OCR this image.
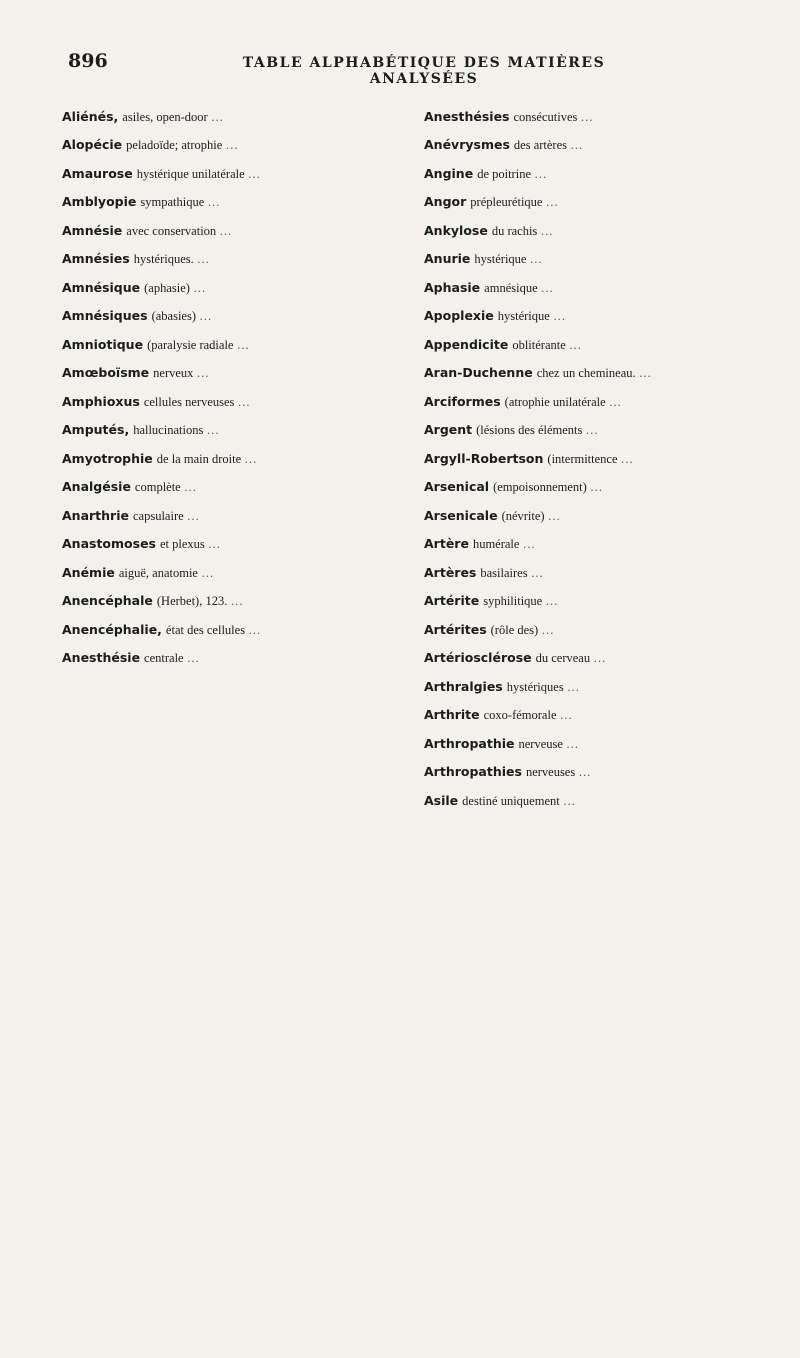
896	TABLE ALPHABÉTIQUE DES MATIÈRES ANALYSÉES

Aliénés, asiles, open-door …

Alopécie peladoïde; atrophie …

Amaurose hystérique unilatérale …

Amblyopie sympathique …

Amnésie avec conservation …

Amnésies hystériques. …

Amnésique (aphasie) …

Amnésiques (abasies) …

Amniotique (paralysie radiale …

Amœboïsme nerveux …

Amphioxus cellules nerveuses …

Amputés, hallucinations …

Amyotrophie de la main droite …

Analgésie complète …

Anarthrie capsulaire …

Anastomoses et plexus …

Anémie aiguë, anatomie …

Anencéphale (Herbet), 123. …

Anencéphalie, état des cellules …

Anesthésie centrale …

Anesthésies consécutives …

Anévrysmes des artères …

Angine de poitrine …

Angor prépleurétique …

Ankylose du rachis …

Anurie hystérique …

Aphasie amnésique …

Apoplexie hystérique …

Appendicite oblitérante …

Aran-Duchenne chez un chemineau. …

Arciformes (atrophie unilatérale …

Argent (lésions des éléments …

Argyll-Robertson (intermittence …

Arsenical (empoisonnement) …

Arsenicale (névrite) …

Artère humérale …

Artères basilaires …

Artérite syphilitique …

Artérites (rôle des) …

Artériosclérose du cerveau …

Arthralgies hystériques …

Arthrite coxo-fémorale …

Arthropathie nerveuse …

Arthropathies nerveuses …

Asile destiné uniquement …
